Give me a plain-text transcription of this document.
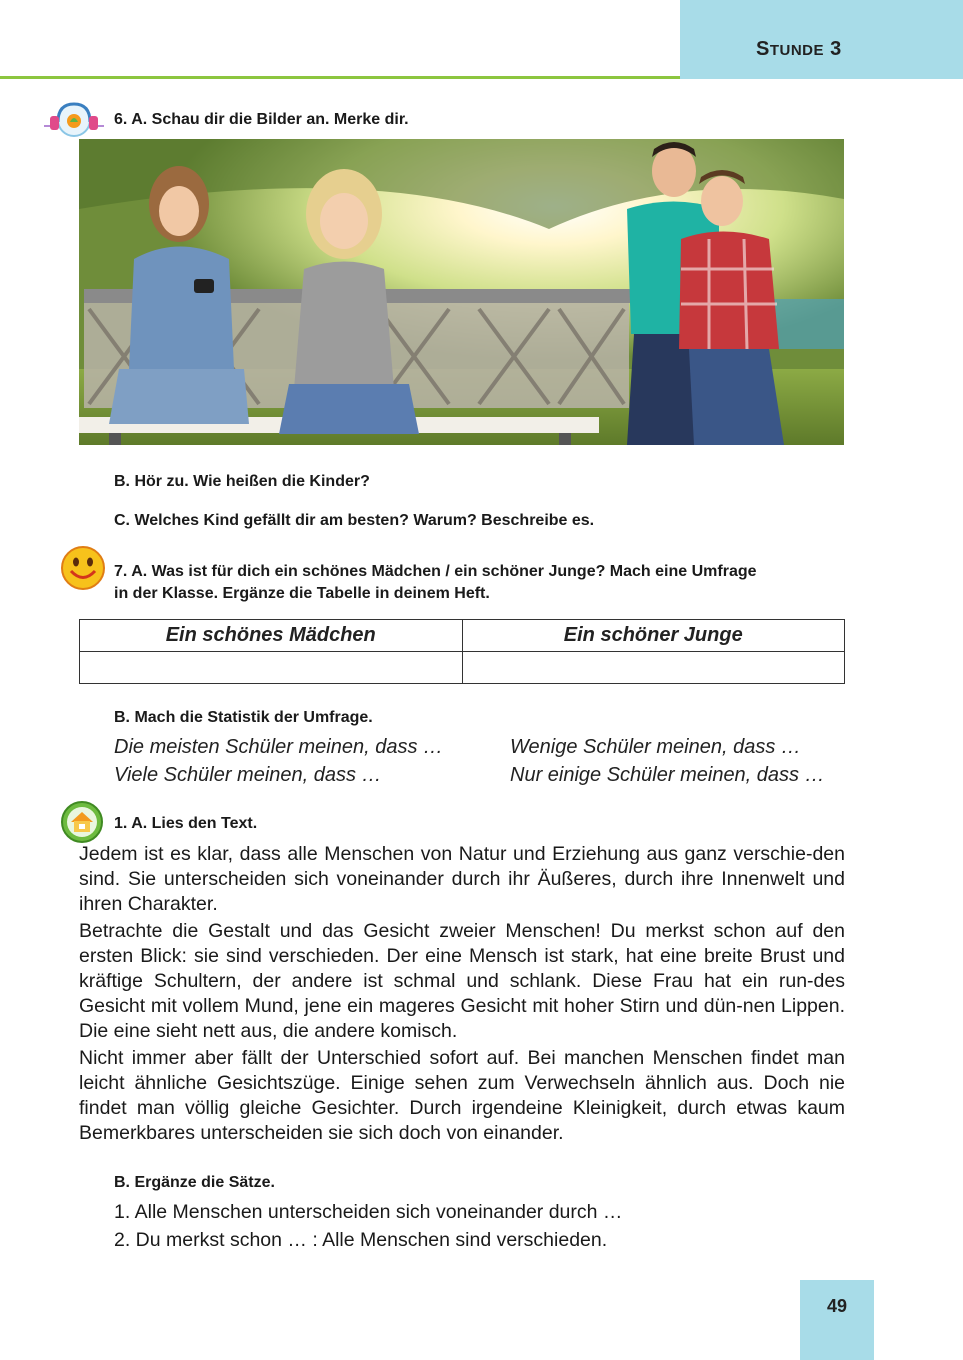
STUNDE 3
6. A. Schau dir die Bilder an. Merke dir.
B. Hör zu. Wie heißen die Kinder?
C. Welches Kind gefällt dir am besten? Warum? Beschreibe es.
7. A. Was ist für dich ein schönes Mädchen / ein schöner Junge? Mach eine Umfrage
in der Klasse. Ergänze die Tabelle in deinem Heft.
Ein schönes Mädchen	Ein schöner Junge

B. Mach die Statistik der Umfrage.
Die meisten Schüler meinen, dass …	Wenige Schüler meinen, dass …
Viele Schüler meinen, dass …	Nur einige Schüler meinen, dass …
1. A. Lies den Text.

Jedem ist es klar, dass alle Menschen von Natur und Erziehung aus ganz verschie-den sind. Sie unterscheiden sich voneinander durch ihr Äußeres, durch ihre Innenwelt und ihren Charakter.

Betrachte die Gestalt und das Gesicht zweier Menschen! Du merkst schon auf den ersten Blick: sie sind verschieden. Der eine Mensch ist stark, hat eine breite Brust und kräftige Schultern, der andere ist schmal und schlank. Diese Frau hat ein run-des Gesicht mit vollem Mund, jene ein mageres Gesicht mit hoher Stirn und dün-nen Lippen. Die eine sieht nett aus, die andere komisch.

Nicht immer aber fällt der Unterschied sofort auf. Bei manchen Menschen findet man leicht ähnliche Gesichtszüge. Einige sehen zum Verwechseln ähnlich aus. Doch nie findet man völlig gleiche Gesichter. Durch irgendeine Kleinigkeit, durch etwas kaum Bemerkbares unterscheiden sie sich doch von einander.

B. Ergänze die Sätze.
1. Alle Menschen unterscheiden sich voneinander durch …
2. Du merkst schon … : Alle Menschen sind verschieden.
49
